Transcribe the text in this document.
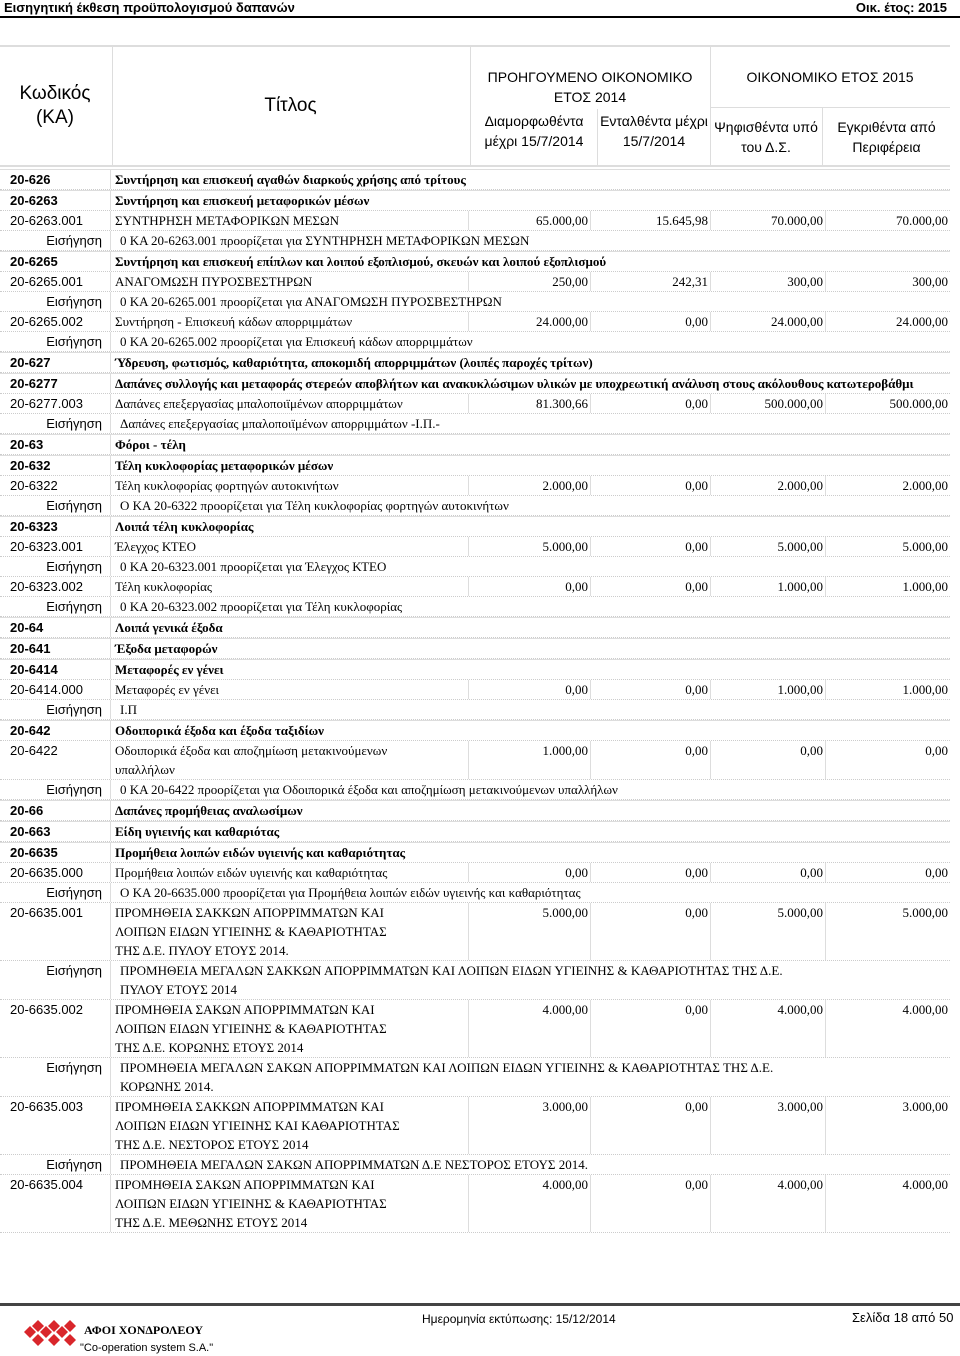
Εισηγητική έκθεση προϋπολογισμού δαπανών	Οικ. έτος: 2015
Κωδικός
(ΚΑ)
Τίτλος
ΠΡΟΗΓΟΥΜΕΝΟ ΟΙΚΟΝΟΜΙΚΟ ΕΤΟΣ 2014
ΟΙΚΟΝΟΜΙΚΟ ΕΤΟΣ 2015
Διαμορφωθέντα μέχρι 15/7/2014
Ενταλθέντα μέχρι 15/7/2014
Ψηφισθέντα υπό του Δ.Σ.
Εγκριθέντα από Περιφέρεια
20-626	Συντήρηση και επισκευή αγαθών διαρκούς χρήσης από τρίτους
20-6263	Συντήρηση και επισκευή μεταφορικών μέσων
20-6263.001	ΣΥΝΤΗΡΗΣΗ ΜΕΤΑΦΟΡΙΚΩΝ ΜΕΣΩΝ	65.000,00	15.645,98	70.000,00	70.000,00
Εισήγηση	0 ΚΑ 20-6263.001 προορίζεται για ΣΥΝΤΗΡΗΣΗ ΜΕΤΑΦΟΡΙΚΩΝ ΜΕΣΩΝ
20-6265	Συντήρηση και επισκευή επίπλων και λοιπού εξοπλισμού, σκευών και λοιπού εξοπλισμού
20-6265.001	ΑΝΑΓΟΜΩΣΗ ΠΥΡΟΣΒΕΣΤΗΡΩΝ	250,00	242,31	300,00	300,00
Εισήγηση	0 ΚΑ 20-6265.001 προορίζεται για ΑΝΑΓΟΜΩΣΗ ΠΥΡΟΣΒΕΣΤΗΡΩΝ
20-6265.002	Συντήρηση - Επισκευή κάδων απορριμμάτων	24.000,00	0,00	24.000,00	24.000,00
Εισήγηση	0 ΚΑ 20-6265.002 προορίζεται για Επισκευή κάδων απορριμμάτων
20-627	Ύδρευση, φωτισμός, καθαριότητα, αποκομιδή απορριμμάτων (λοιπές παροχές τρίτων)
20-6277	Δαπάνες συλλογής και μεταφοράς στερεών αποβλήτων και ανακυκλώσιμων υλικών με υποχρεωτική ανάλυση στους ακόλουθους κατωτεροβάθμι
20-6277.003	Δαπάνες επεξεργασίας μπαλοποιϊμένων απορριμμάτων	81.300,66	0,00	500.000,00	500.000,00
Εισήγηση	Δαπάνες επεξεργασίας μπαλοποιϊμένων απορριμμάτων -Ι.Π.-
20-63	Φόροι - τέλη
20-632	Τέλη κυκλοφορίας μεταφορικών μέσων
20-6322	Τέλη κυκλοφορίας φορτηγών αυτοκινήτων	2.000,00	0,00	2.000,00	2.000,00
Εισήγηση	Ο ΚΑ 20-6322 προορίζεται για Τέλη κυκλοφορίας φορτηγών αυτοκινήτων
20-6323	Λοιπά τέλη κυκλοφορίας
20-6323.001	Έλεγχος ΚΤΕΟ	5.000,00	0,00	5.000,00	5.000,00
Εισήγηση	0 ΚΑ 20-6323.001 προορίζεται για Έλεγχος ΚΤΕΟ
20-6323.002	Τέλη κυκλοφορίας	0,00	0,00	1.000,00	1.000,00
Εισήγηση	0 ΚΑ 20-6323.002 προορίζεται για Τέλη κυκλοφορίας
20-64	Λοιπά γενικά έξοδα
20-641	Έξοδα μεταφορών
20-6414	Μεταφορές εν γένει
20-6414.000	Μεταφορές εν γένει	0,00	0,00	1.000,00	1.000,00
Εισήγηση	Ι.Π
20-642	Οδοιπορικά έξοδα και έξοδα ταξιδίων
20-6422	Οδοιπορικά έξοδα και αποζημίωση μετακινούμενων
υπαλλήλων
1.000,00	0,00	0,00	0,00
Εισήγηση	0 ΚΑ 20-6422 προορίζεται για Οδοιπορικά έξοδα και αποζημίωση μετακινούμενων υπαλλήλων
20-66	Δαπάνες προμήθειας αναλωσίμων
20-663	Είδη υγιεινής και καθαριότας
20-6635	Προμήθεια λοιπών ειδών υγιεινής και καθαριότητας
20-6635.000	Προμήθεια λοιπών ειδών υγιεινής και καθαριότητας	0,00	0,00	0,00	0,00
Εισήγηση	Ο ΚΑ 20-6635.000 προορίζεται για Προμήθεια λοιπών ειδών υγιεινής και καθαριότητας
20-6635.001	ΠΡΟΜΗΘΕΙΑ ΣΑΚΚΩΝ ΑΠΟΡΡΙΜΜΑΤΩΝ ΚΑΙ
ΛΟΙΠΩΝ ΕΙΔΩΝ ΥΓΙΕΙΝΗΣ & ΚΑΘΑΡΙΟΤΗΤΑΣ
ΤΗΣ Δ.Ε. ΠΥΛΟΥ ΕΤΟΥΣ 2014.
5.000,00	0,00	5.000,00	5.000,00
Εισήγηση	ΠΡΟΜΗΘΕΙΑ ΜΕΓΑΛΩΝ ΣΑΚΚΩΝ ΑΠΟΡΡΙΜΜΑΤΩΝ ΚΑΙ ΛΟΙΠΩΝ ΕΙΔΩΝ ΥΓΙΕΙΝΗΣ & ΚΑΘΑΡΙΟΤΗΤΑΣ ΤΗΣ Δ.Ε.
ΠΥΛΟΥ ΕΤΟΥΣ 2014
20-6635.002	ΠΡΟΜΗΘΕΙΑ ΣΑΚΩΝ ΑΠΟΡΡΙΜΜΑΤΩΝ ΚΑΙ
ΛΟΙΠΩΝ ΕΙΔΩΝ ΥΓΙΕΙΝΗΣ & ΚΑΘΑΡΙΟΤΗΤΑΣ
ΤΗΣ Δ.Ε. ΚΟΡΩΝΗΣ ΕΤΟΥΣ 2014
4.000,00	0,00	4.000,00	4.000,00
Εισήγηση	ΠΡΟΜΗΘΕΙΑ ΜΕΓΑΛΩΝ ΣΑΚΩΝ ΑΠΟΡΡΙΜΜΑΤΩΝ ΚΑΙ ΛΟΙΠΩΝ ΕΙΔΩΝ ΥΓΙΕΙΝΗΣ & ΚΑΘΑΡΙΟΤΗΤΑΣ ΤΗΣ Δ.Ε.
ΚΟΡΩΝΗΣ 2014.
20-6635.003	ΠΡΟΜΗΘΕΙΑ ΣΑΚΚΩΝ ΑΠΟΡΡΙΜΜΑΤΩΝ ΚΑΙ
ΛΟΙΠΩΝ ΕΙΔΩΝ ΥΓΙΕΙΝΗΣ ΚΑΙ ΚΑΘΑΡΙΟΤΗΤΑΣ
ΤΗΣ Δ.Ε. ΝΕΣΤΟΡΟΣ ΕΤΟΥΣ 2014
3.000,00	0,00	3.000,00	3.000,00
Εισήγηση	ΠΡΟΜΗΘΕΙΑ ΜΕΓΑΛΩΝ ΣΑΚΩΝ ΑΠΟΡΡΙΜΜΑΤΩΝ Δ.Ε ΝΕΣΤΟΡΟΣ ΕΤΟΥΣ 2014.
20-6635.004	ΠΡΟΜΗΘΕΙΑ ΣΑΚΩΝ ΑΠΟΡΡΙΜΜΑΤΩΝ ΚΑΙ
ΛΟΙΠΩΝ ΕΙΔΩΝ ΥΓΙΕΙΝΗΣ & ΚΑΘΑΡΙΟΤΗΤΑΣ
ΤΗΣ Δ.Ε. ΜΕΘΩΝΗΣ ΕΤΟΥΣ 2014
4.000,00	0,00	4.000,00	4.000,00
ΑΦΟΙ ΧΟΝΔΡΟΛΕΟΥ
"Co-operation system S.A."
Ημερομηνία εκτύπωσης: 15/12/2014	Σελίδα 18 από 50
